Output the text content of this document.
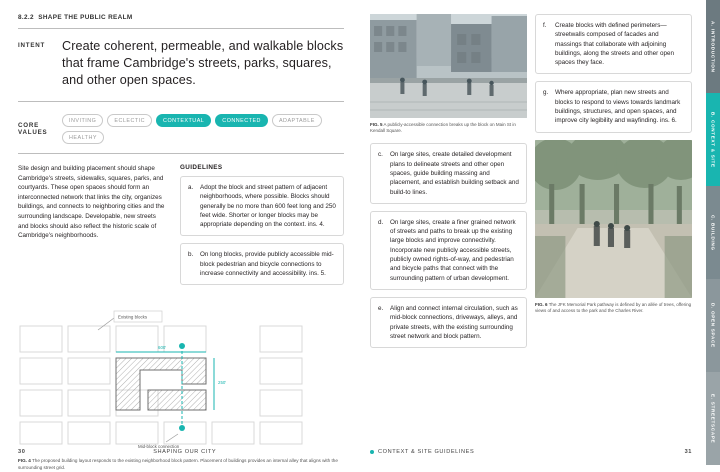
8.2.2 SHAPE THE PUBLIC REALM
INTENT	Create coherent, permeable, and walkable blocks that frame Cambridge's streets, parks, squares, and other open spaces.
CORE VALUES
INVITING	ECLECTIC	CONTEXTUAL	CONNECTED	ADAPTABLE
HEALTHY
Site design and building placement should shape Cambridge's streets, sidewalks, squares, parks, and courtyards. These open spaces should form an interconnected network that links the city, organizes buildings, and connects to neighboring cities and the surrounding landscape. Developable, new streets and blocks should also reflect the historic scale of Cambridge's neighborhoods.
GUIDELINES
a. Adopt the block and street pattern of adjacent neighborhoods, where possible. Blocks should generally be no more than 600 feet long and 250 feet wide. Shorter or longer blocks may be appropriate depending on the context. ins. 4.
b. On long blocks, provide publicly accessible mid-block pedestrian and bicycle connections to increase connectivity and accessibility. ins. 5.
600'
250'
Existing blocks
Mid-block connection
FIG. 4 The proposed building layout responds to the existing neighborhood block pattern. Placement of buildings provides an internal alley that aligns with the surrounding street grid.
30	SHAPING OUR CITY
FIG. 5 A publicly-accessible connection breaks up the block on Main St in Kendall Square.
c.	On large sites, create detailed development plans to delineate streets and other open spaces, guide building massing and placement, and establish building setback and build-to lines.
d. On large sites, create a finer grained network of streets and paths to break up the existing large blocks and improve connectivity. Incorporate new publicly accessible streets, publicly owned rights-of-way, and pedestrian and bicycle paths that connect with the surrounding pattern of urban development.
e. Align and connect internal circulation, such as mid-block connections, driveways, alleys, and private streets, with the existing surrounding street network and block pattern.
f.	Create blocks with defined perimeters—streetwalls composed of facades and massings that collaborate with adjoining buildings, along the streets and other open spaces they face.
g. Where appropriate, plan new streets and blocks to respond to views towards landmark buildings, structures, and open spaces, and improve city legibility and wayfinding. ins. 6.
FIG. 6 The JFK Memorial Park pathway is defined by an allée of trees, offering views of and access to the park and the Charles River.
CONTEXT & SITE GUIDELINES	31
A. INTRODUCTION
B. CONTEXT & SITE
C. BUILDING
D. OPEN SPACE
E. STREETSCAPE
